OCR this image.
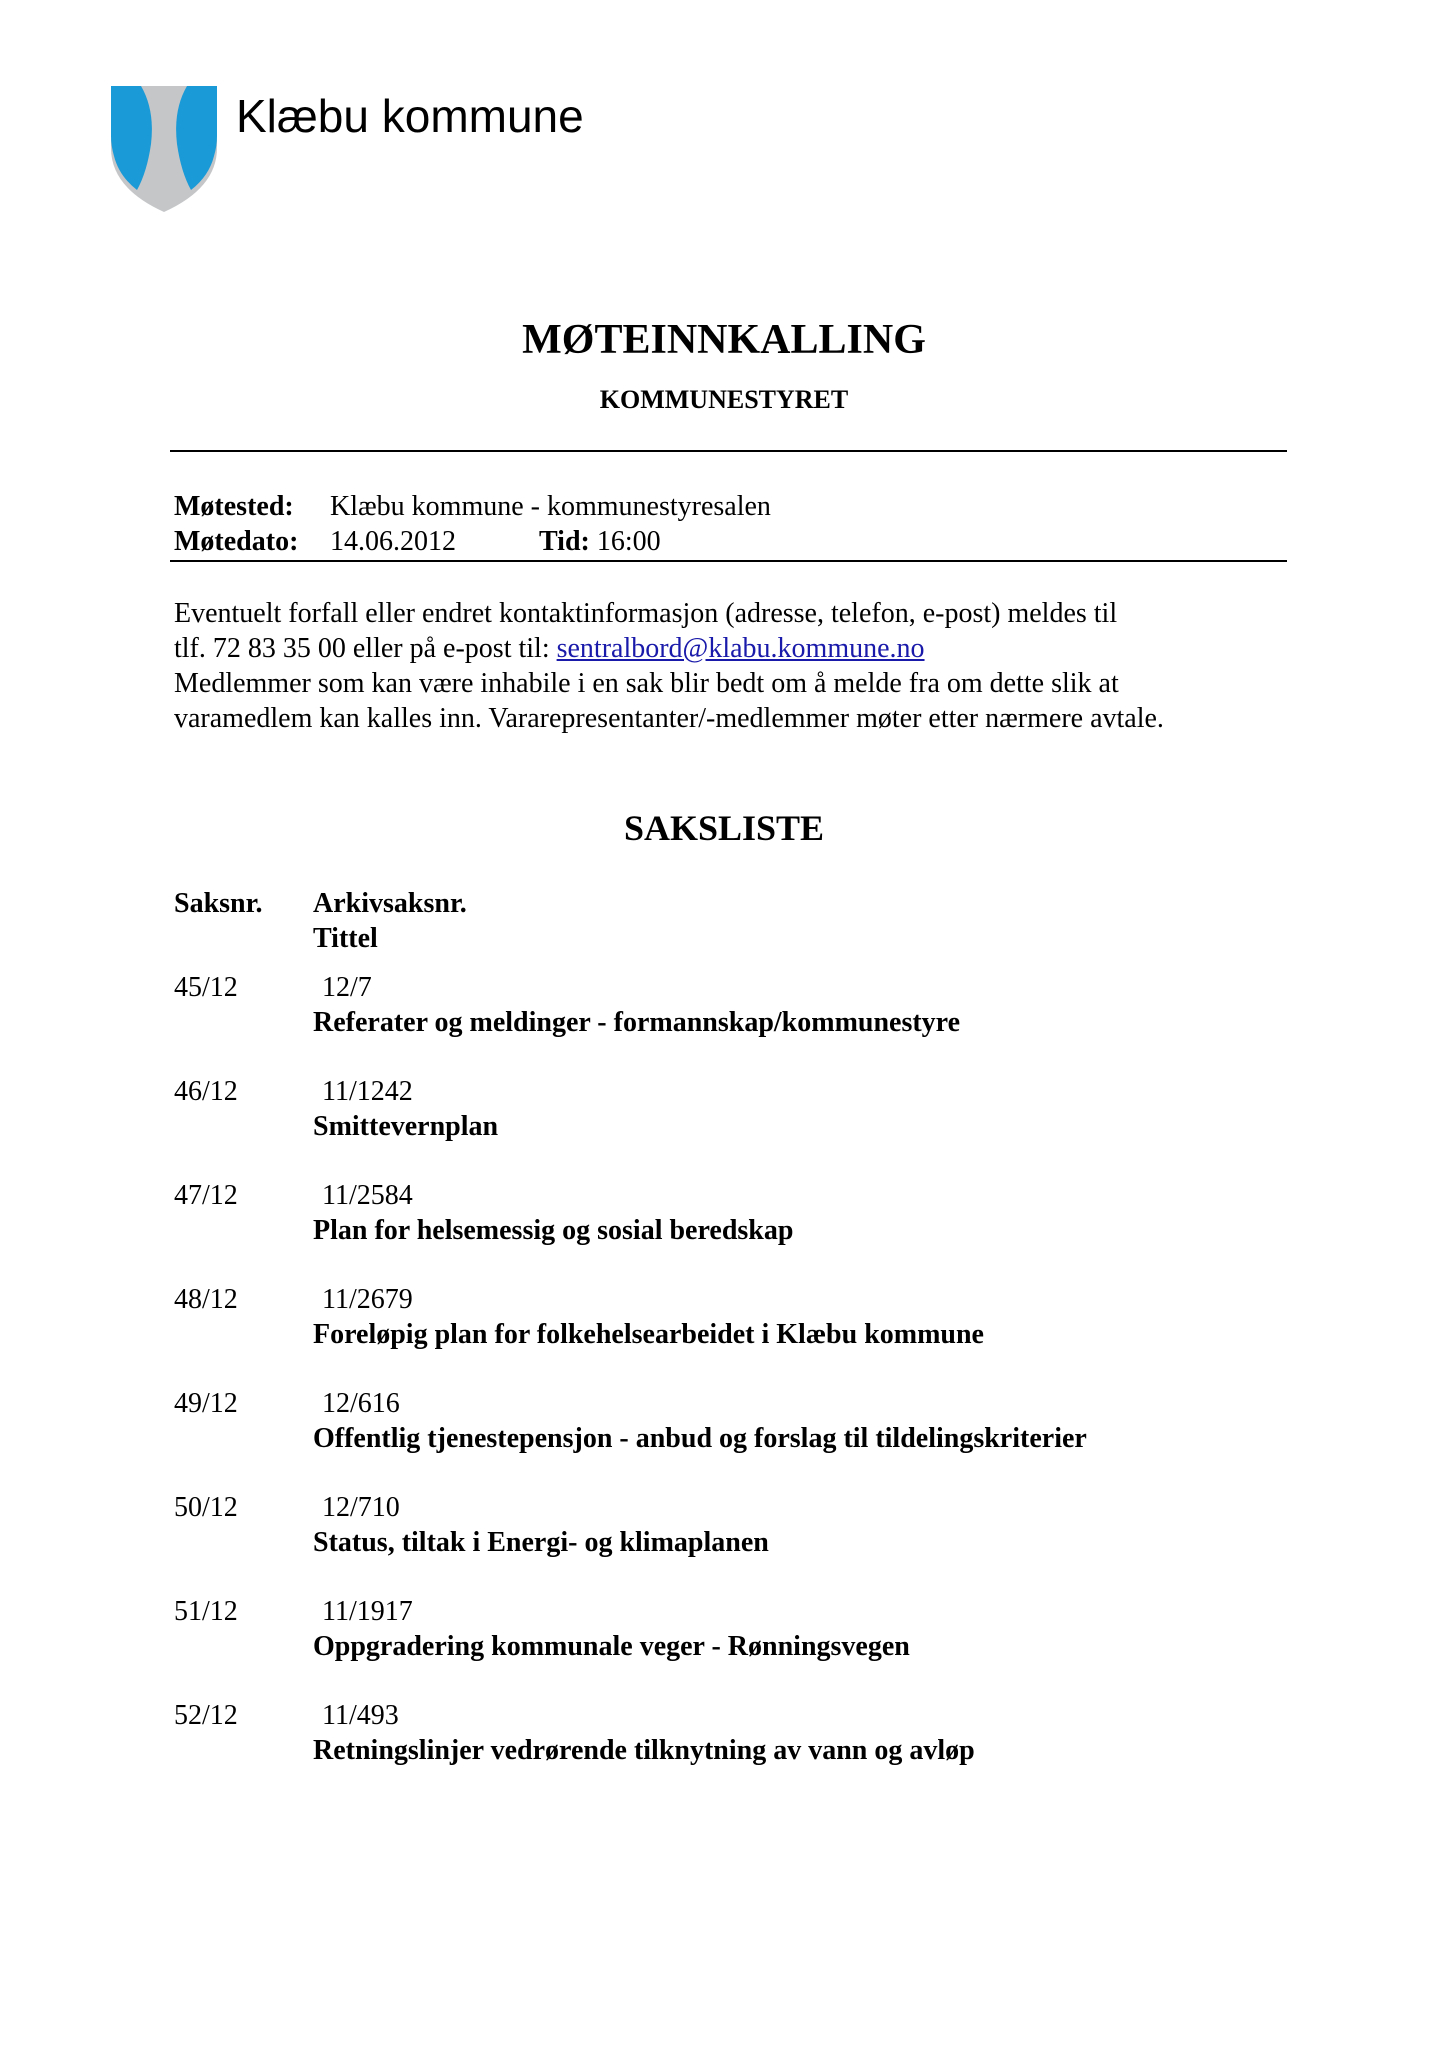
Klæbu kommune
MØTEINNKALLING
KOMMUNESTYRET
Møtested: Klæbu kommune - kommunestyresalen
Møtedato: 14.06.2012	Tid: 16:00
Eventuelt forfall eller endret kontaktinformasjon (adresse, telefon, e-post) meldes til
tlf. 72 83 35 00 eller på e-post til: sentralbord@klabu.kommune.no
Medlemmer som kan være inhabile i en sak blir bedt om å melde fra om dette slik at
varamedlem kan kalles inn. Vararepresentanter/-medlemmer møter etter nærmere avtale.
SAKSLISTE
Saksnr. Arkivsaksnr.
Tittel
45/12	12/7
Referater og meldinger - formannskap/kommunestyre
46/12	11/1242
Smittevernplan
47/12	11/2584
Plan for helsemessig og sosial beredskap
48/12	11/2679
Foreløpig plan for folkehelsearbeidet i Klæbu kommune
49/12	12/616
Offentlig tjenestepensjon - anbud og forslag til tildelingskriterier
50/12	12/710
Status, tiltak i Energi- og klimaplanen
51/12	11/1917
Oppgradering kommunale veger - Rønningsvegen
52/12	11/493
Retningslinjer vedrørende tilknytning av vann og avløp
